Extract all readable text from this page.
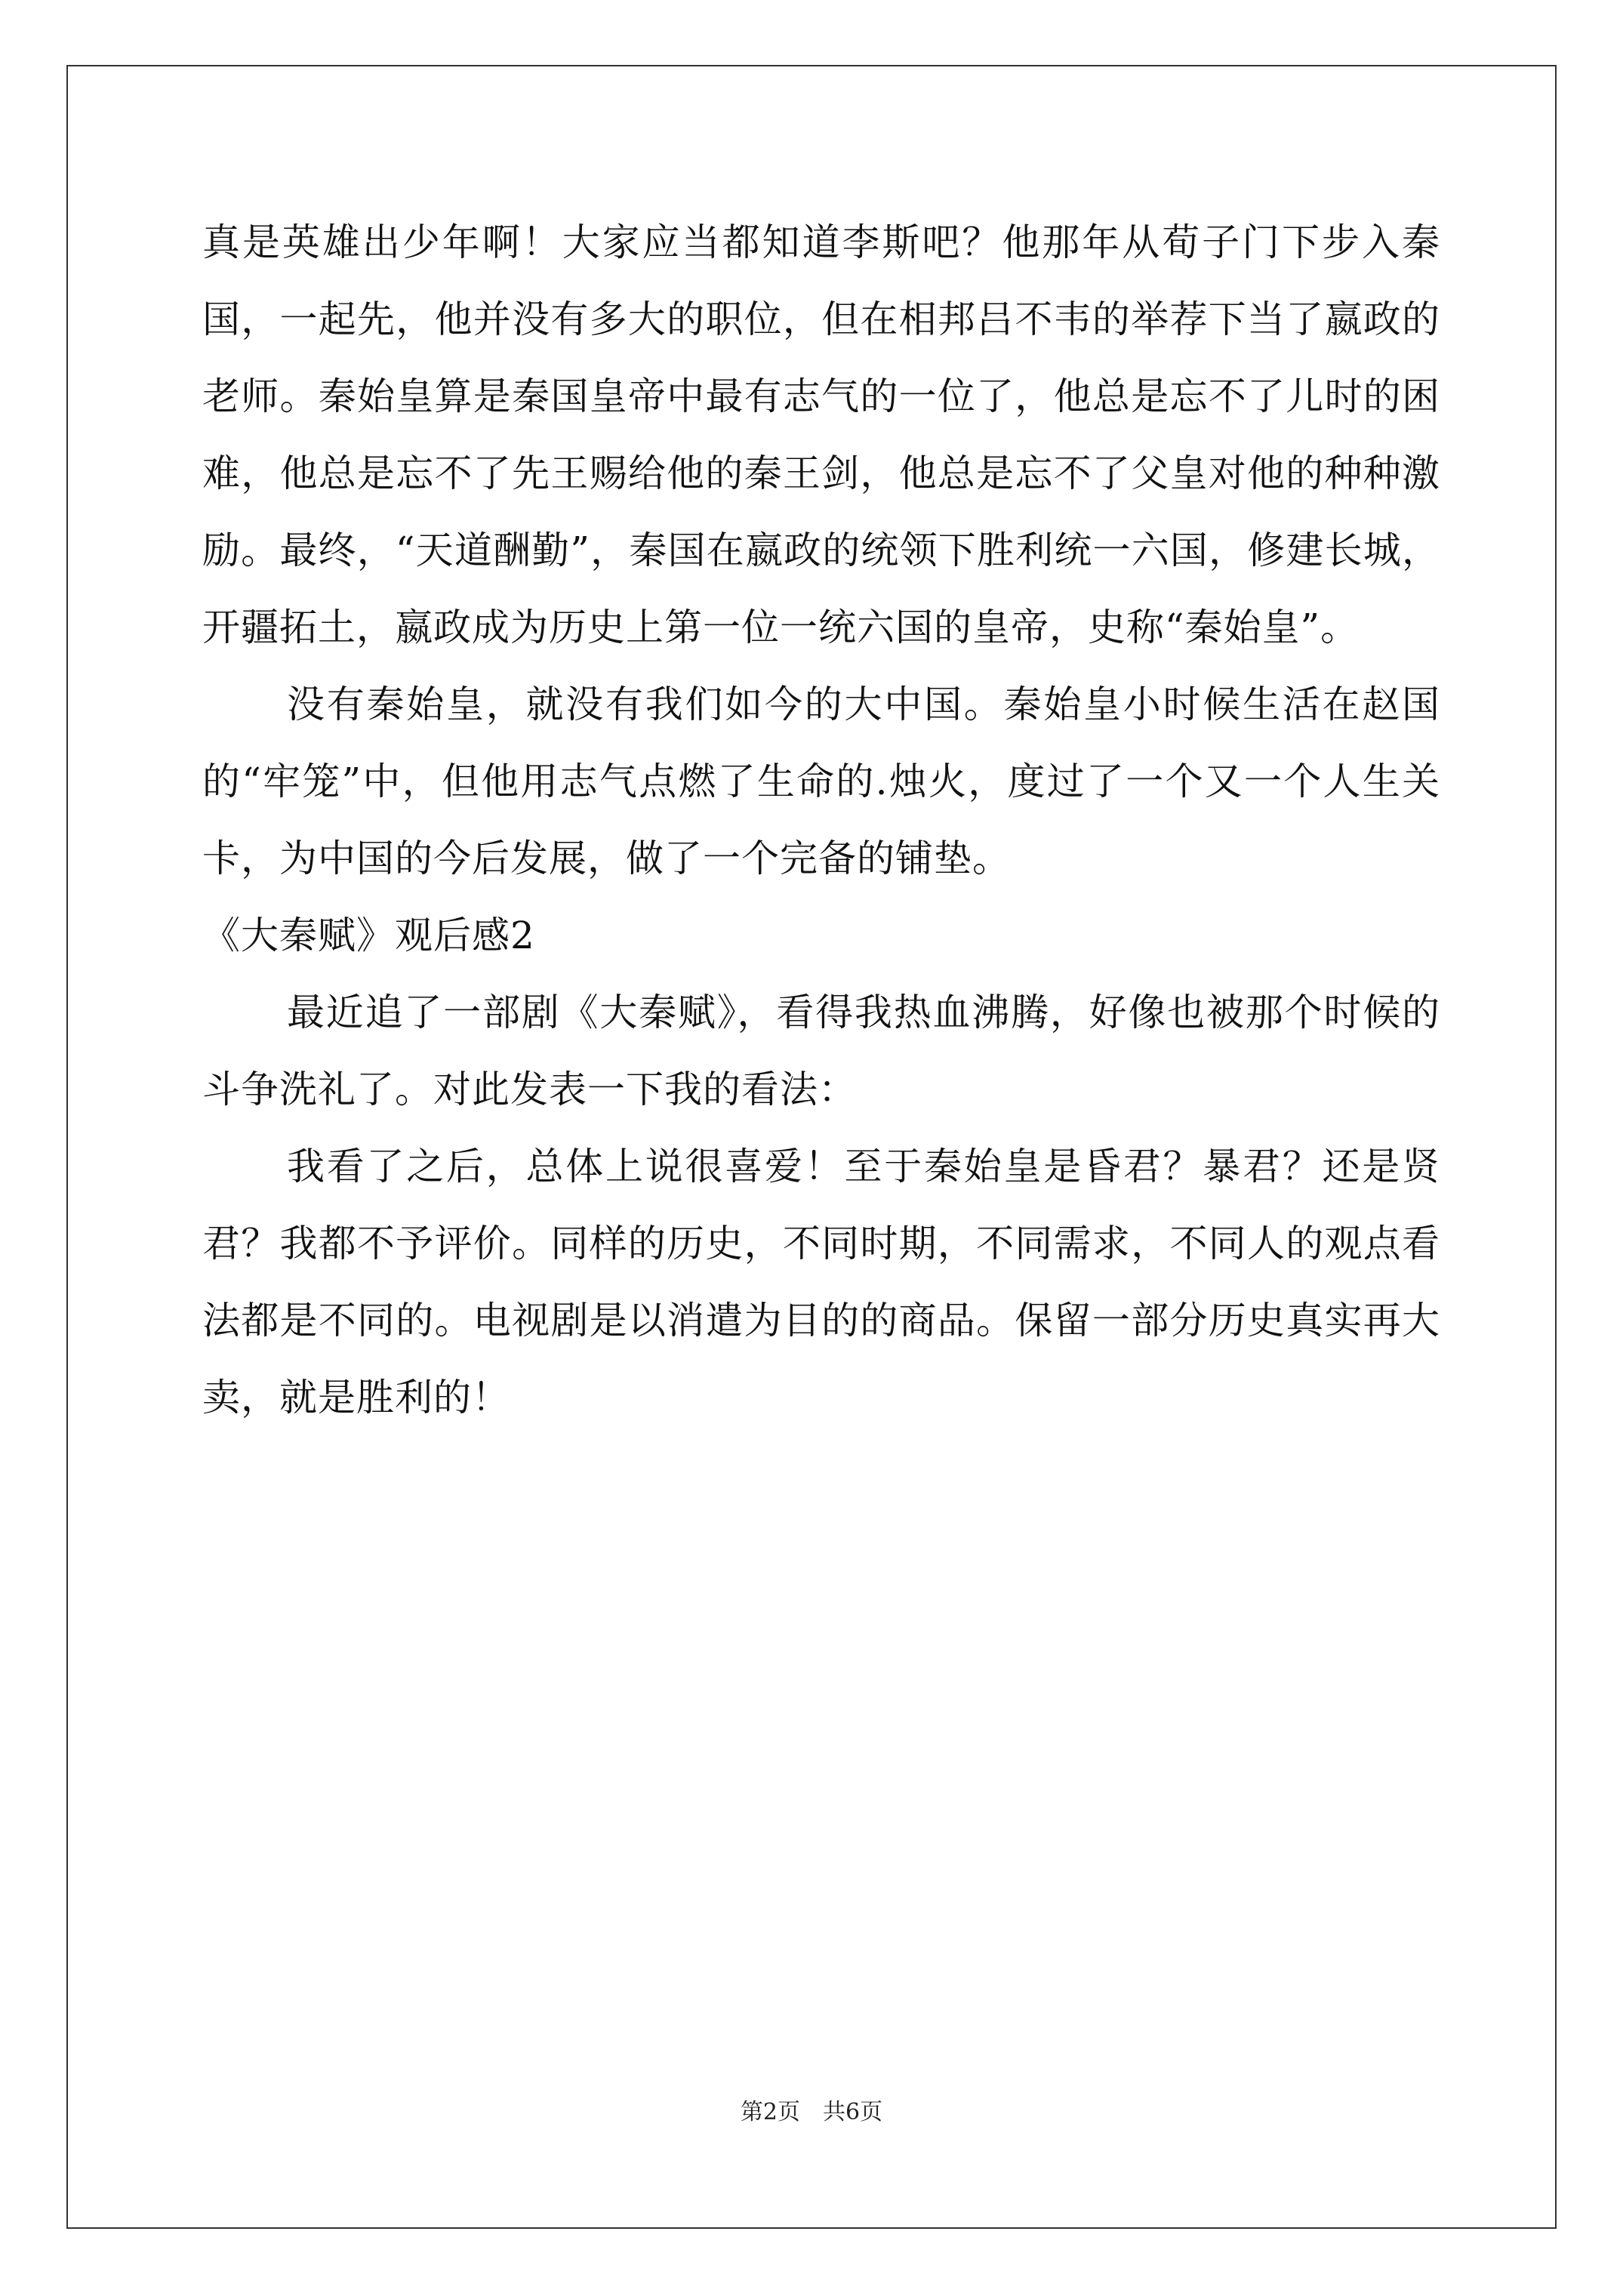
真是英雄出少年啊！大家应当都知道李斯吧？他那年从荀子门下步入秦国，一起先，他并没有多大的职位，但在相邦吕不韦的举荐下当了嬴政的老师。秦始皇算是秦国皇帝中最有志气的一位了，他总是忘不了儿时的困难，他总是忘不了先王赐给他的秦王剑，他总是忘不了父皇对他的种种激励。最终，“天道酬勤”，秦国在嬴政的统领下胜利统一六国，修建长城，开疆拓土，嬴政成为历史上第一位一统六国的皇帝，史称“秦始皇”。

没有秦始皇，就没有我们如今的大中国。秦始皇小时候生活在赵国的“牢笼”中，但他用志气点燃了生命的.烛火，度过了一个又一个人生关卡，为中国的今后发展，做了一个完备的铺垫。

《大秦赋》观后感2

最近追了一部剧《大秦赋》，看得我热血沸腾，好像也被那个时候的斗争洗礼了。对此发表一下我的看法：

我看了之后，总体上说很喜爱！至于秦始皇是昏君？暴君？还是贤君？我都不予评价。同样的历史，不同时期，不同需求，不同人的观点看法都是不同的。电视剧是以消遣为目的的商品。保留一部分历史真实再大卖，就是胜利的！

第2页　共6页
